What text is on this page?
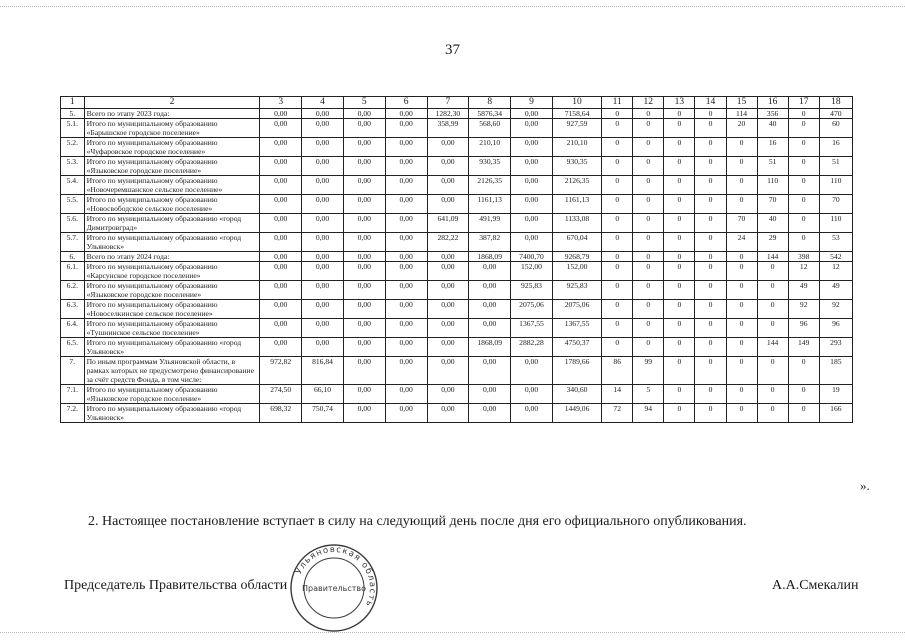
37
1	2	3	4	5	6	7	8	9	10	11	12	13	14	15	16	17	18
5.	Всего по этапу 2023 года:	0,00	0,00	0,00	0,00	1282,30	5876,34	0,00	7158,64	0	0	0	0	114	356	0	470
5.1.	Итого по муниципальному образованию «Барышское городское поселение»	0,00	0,00	0,00	0,00	358,99	568,60	0,00	927,59	0	0	0	0	20	40	0	60
5.2.	Итого по муниципальному образованию «Чуфаровское городское поселение»	0,00	0,00	0,00	0,00	0,00	210,10	0,00	210,10	0	0	0	0	0	16	0	16
5.3.	Итого по муниципальному образованию «Языковское городское поселение»	0,00	0,00	0,00	0,00	0,00	930,35	0,00	930,35	0	0	0	0	0	51	0	51
5.4.	Итого по муниципальному образованию «Новочеремшанское сельское поселение»	0,00	0,00	0,00	0,00	0,00	2126,35	0,00	2126,35	0	0	0	0	0	110	0	110
5.5.	Итого по муниципальному образованию «Новосвободское сельское поселение»	0,00	0,00	0,00	0,00	0,00	1161,13	0,00	1161,13	0	0	0	0	0	70	0	70
5.6.	Итого по муниципальному образованию «город Димитровград»	0,00	0,00	0,00	0,00	641,09	491,99	0,00	1133,08	0	0	0	0	70	40	0	110
5.7.	Итого по муниципальному образованию «город Ульяновск»	0,00	0,00	0,00	0,00	282,22	387,82	0,00	670,04	0	0	0	0	24	29	0	53
6.	Всего по этапу 2024 года:	0,00	0,00	0,00	0,00	0,00	1868,09	7400,70	9268,79	0	0	0	0	0	144	398	542
6.1.	Итого по муниципальному образованию «Карсунское городское поселение»	0,00	0,00	0,00	0,00	0,00	0,00	152,00	152,00	0	0	0	0	0	0	12	12
6.2.	Итого по муниципальному образованию «Языковское городское поселение»	0,00	0,00	0,00	0,00	0,00	0,00	925,83	925,83	0	0	0	0	0	0	49	49
6.3.	Итого по муниципальному образованию «Новоселкинское сельское поселение»	0,00	0,00	0,00	0,00	0,00	0,00	2075,06	2075,06	0	0	0	0	0	0	92	92
6.4.	Итого по муниципальному образованию «Тушнинское сельское поселение»	0,00	0,00	0,00	0,00	0,00	0,00	1367,55	1367,55	0	0	0	0	0	0	96	96
6.5.	Итого по муниципальному образованию «город Ульяновск»	0,00	0,00	0,00	0,00	0,00	1868,09	2882,28	4750,37	0	0	0	0	0	144	149	293
7.	По иным программам Ульяновской области, в рамках которых не предусмотрено финансирование за счёт средств Фонда, в том числе:	972,82	816,84	0,00	0,00	0,00	0,00	0,00	1789,66	86	99	0	0	0	0	0	185
7.1.	Итого по муниципальному образованию «Языковское городское поселение»	274,50	66,10	0,00	0,00	0,00	0,00	0,00	340,60	14	5	0	0	0	0	0	19
7.2.	Итого по муниципальному образованию «город Ульяновск»	698,32	750,74	0,00	0,00	0,00	0,00	0,00	1449,06	72	94	0	0	0	0	0	166
».
2. Настоящее постановление вступает в силу на следующий день после дня его официального опубликования.
Председатель Правительства области	А.А.Смекалин
Ульяновская область
Правительство
